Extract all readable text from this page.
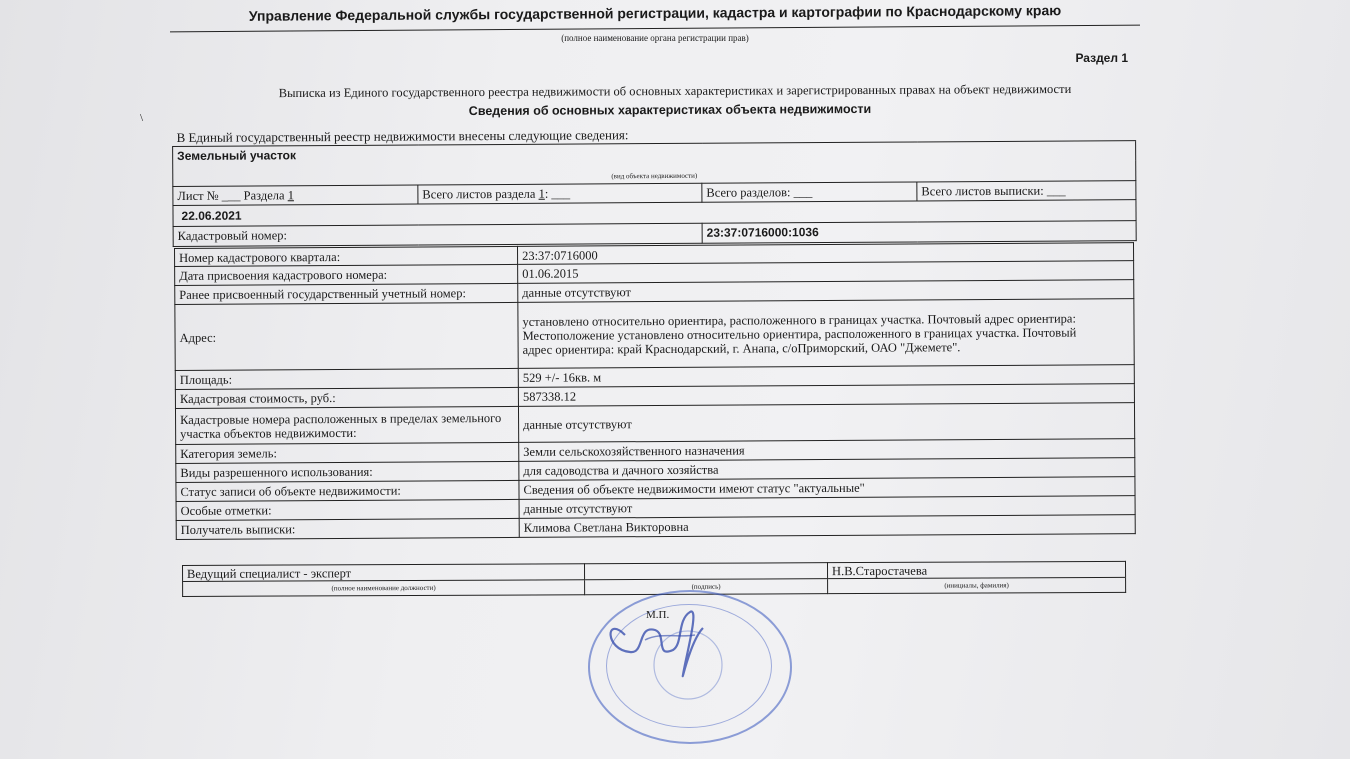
Управление Федеральной службы государственной регистрации, кадастра и картографии по Краснодарскому краю
(полное наименование органа регистрации прав)
Раздел 1
Выписка из Единого государственного реестра недвижимости об основных характеристиках и зарегистрированных правах на объект недвижимости
Сведения об основных характеристиках объекта недвижимости
\
В Единый государственный реестр недвижимости внесены следующие сведения:			
Земельный участок			
(вид объекта недвижимости)			
Лист № ___ Раздела 1	Всего листов раздела 1: ___	Всего разделов: ___	Всего листов выписки: ___
22.06.2021			
Кадастровый номер:		23:37:0716000:1036	
Номер кадастрового квартала:	23:37:0716000
Дата присвоения кадастрового номера:	01.06.2015
Ранее присвоенный государственный учетный номер:	данные отсутствуют
Адрес:	установлено относительно ориентира, расположенного в границах участка. Почтовый адрес ориентира: Местоположение установлено относительно ориентира, расположенного в границах участка. Почтовый адрес ориентира: край Краснодарский, г. Анапа, с/оПриморский, ОАО "Джемете".
Площадь:	529 +/- 16кв. м
Кадастровая стоимость, руб.:	587338.12
Кадастровые номера расположенных в пределах земельного участка объектов недвижимости:	данные отсутствуют
Категория земель:	Земли сельскохозяйственного назначения
Виды разрешенного использования:	для садоводства и дачного хозяйства
Статус записи об объекте недвижимости:	Сведения об объекте недвижимости имеют статус "актуальные"
Особые отметки:	данные отсутствуют
Получатель выписки:	Климова Светлана Викторовна
Ведущий специалист - эксперт		Н.В.Старостачева
(полное наименование должности)	(подпись)	(инициалы, фамилия)
М.П.
